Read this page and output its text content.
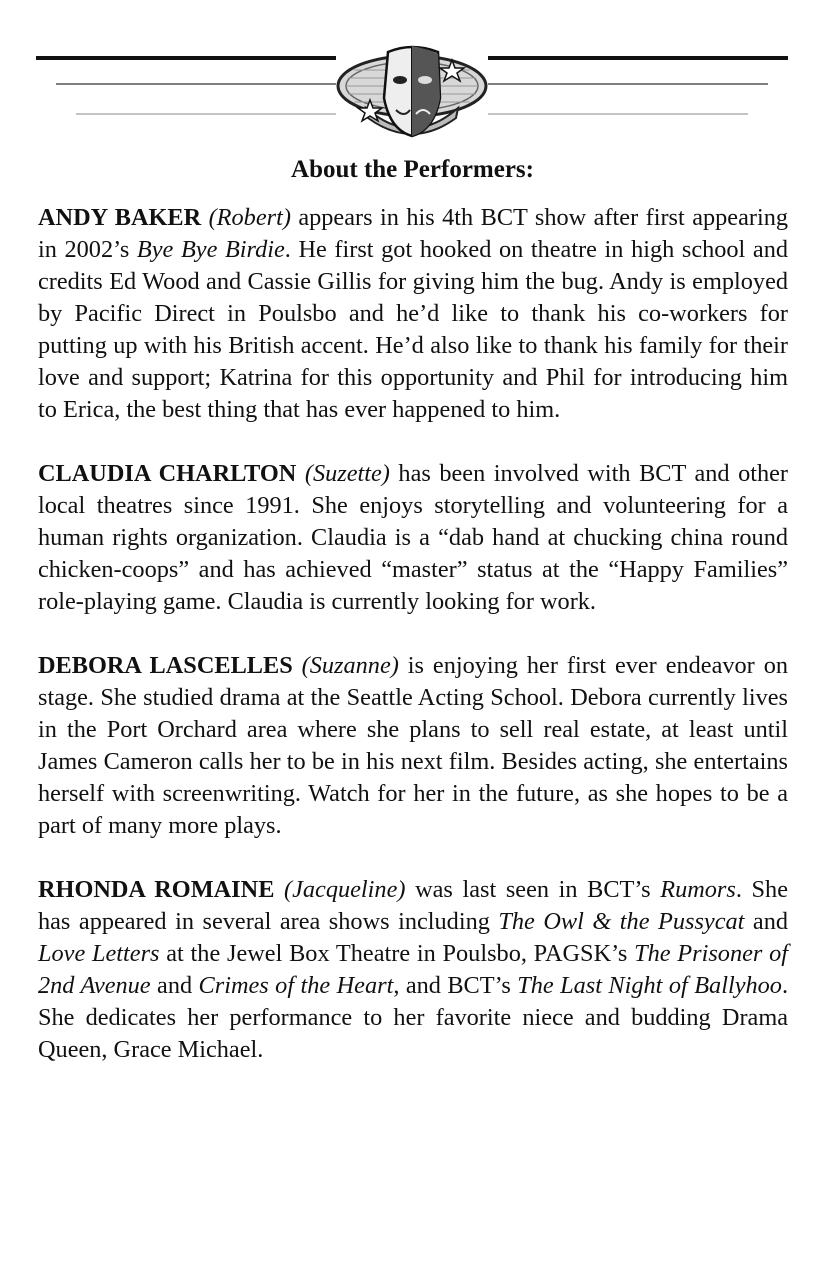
About the Performers:

ANDY BAKER (Robert) appears in his 4th BCT show after first appearing in 2002’s Bye Bye Birdie. He first got hooked on theatre in high school and credits Ed Wood and Cassie Gillis for giving him the bug. Andy is employed by Pacific Direct in Poulsbo and he’d like to thank his co-workers for putting up with his British accent. He’d also like to thank his family for their love and support; Katrina for this opportunity and Phil for introducing him to Erica, the best thing that has ever happened to him.

CLAUDIA CHARLTON (Suzette) has been involved with BCT and other local theatres since 1991. She enjoys storytelling and volunteering for a human rights organization. Claudia is a “dab hand at chucking china round chicken-coops” and has achieved “master” status at the “Happy Families” role-playing game. Claudia is currently looking for work.

DEBORA LASCELLES (Suzanne) is enjoying her first ever endeavor on stage. She studied drama at the Seattle Acting School. Debora currently lives in the Port Orchard area where she plans to sell real estate, at least until James Cameron calls her to be in his next film. Besides acting, she entertains herself with screenwriting. Watch for her in the future, as she hopes to be a part of many more plays.

RHONDA ROMAINE (Jacqueline) was last seen in BCT’s Rumors. She has appeared in several area shows including The Owl & the Pussycat and Love Letters at the Jewel Box Theatre in Poulsbo, PAGSK’s The Prisoner of 2nd Avenue and Crimes of the Heart, and BCT’s The Last Night of Ballyhoo. She dedicates her performance to her favorite niece and budding Drama Queen, Grace Michael.
